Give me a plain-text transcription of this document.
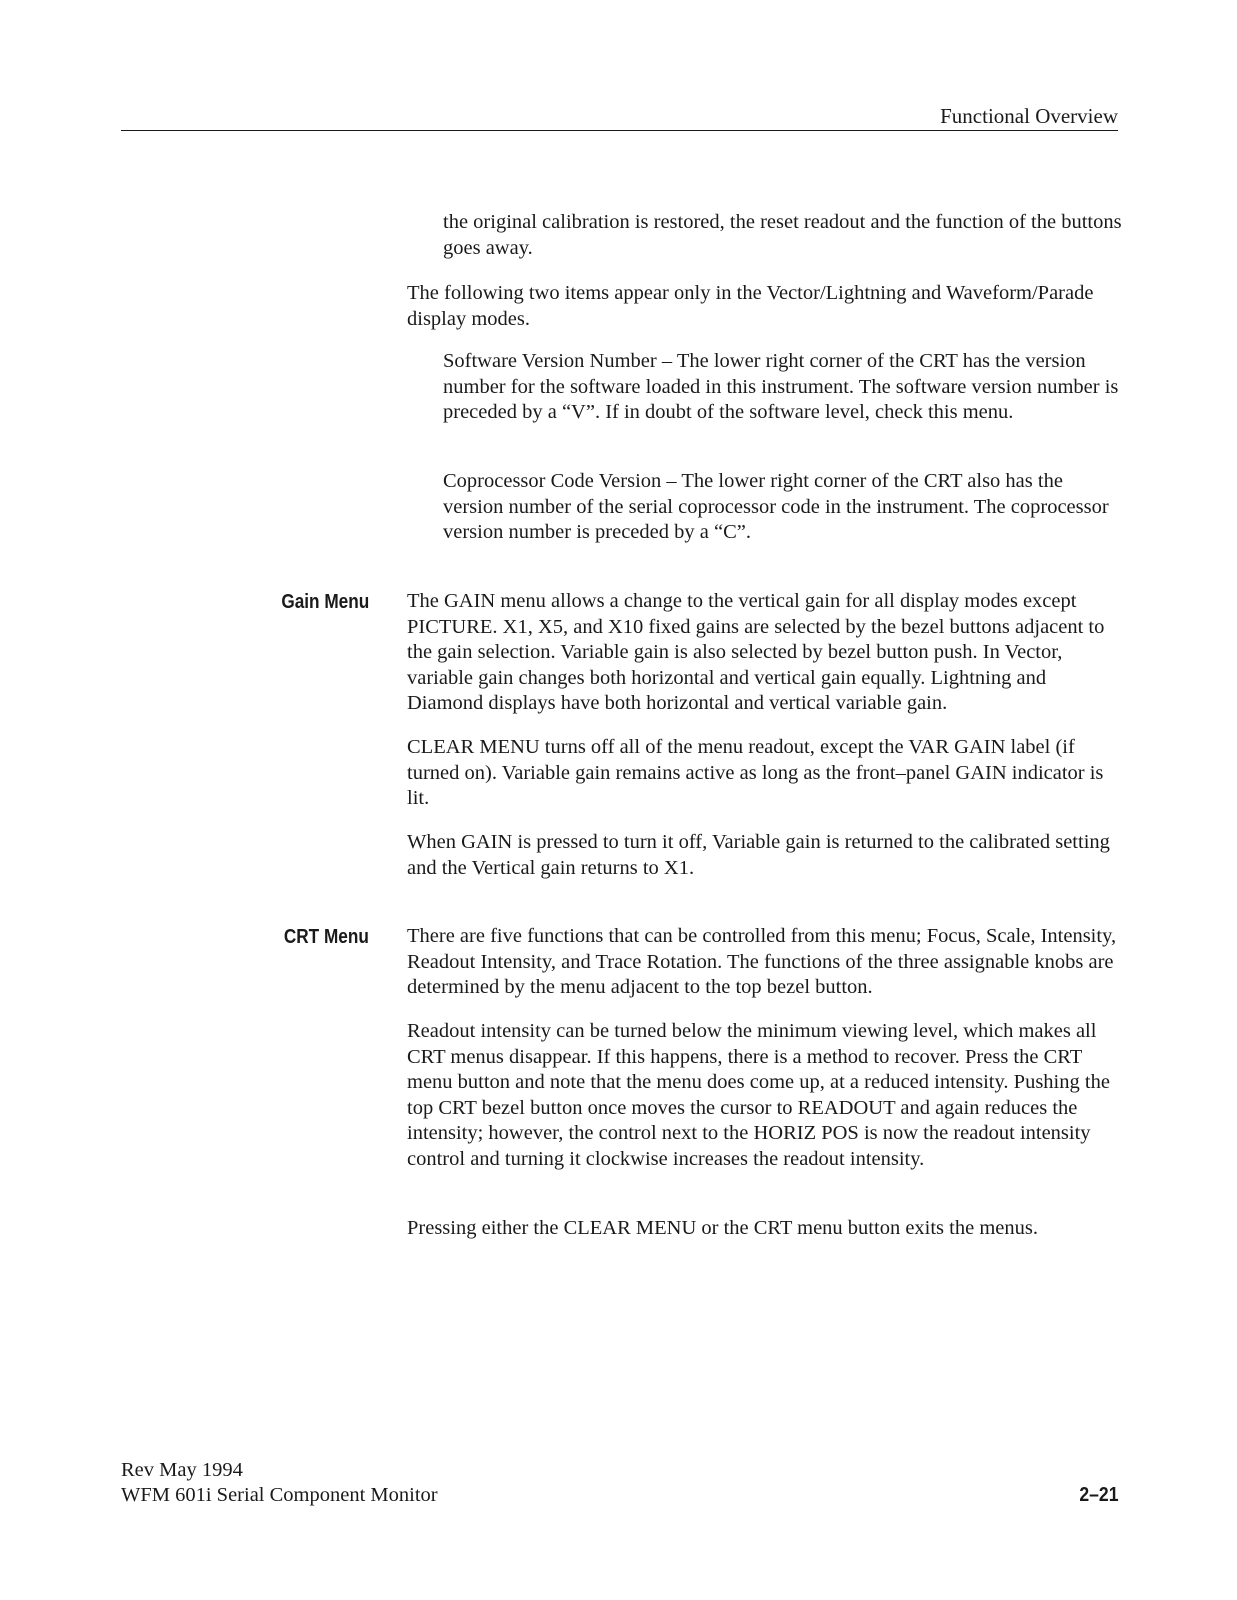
Functional Overview

the original calibration is restored, the reset readout and the function of the buttons goes away.

The following two items appear only in the Vector/Lightning and Waveform/Parade display modes.

Software Version Number – The lower right corner of the CRT has the version number for the software loaded in this instrument. The software version number is preceded by a “V”. If in doubt of the software level, check this menu.

Coprocessor Code Version – The lower right corner of the CRT also has the version number of the serial coprocessor code in the instrument. The coprocessor version number is preceded by a “C”.

Gain Menu The GAIN menu allows a change to the vertical gain for all display modes except PICTURE. X1, X5, and X10 fixed gains are selected by the bezel buttons adjacent to the gain selection. Variable gain is also selected by bezel button push. In Vector, variable gain changes both horizontal and vertical gain equally. Lightning and Diamond displays have both horizontal and vertical variable gain.

CLEAR MENU turns off all of the menu readout, except the VAR GAIN label (if turned on). Variable gain remains active as long as the front–panel GAIN indicator is lit.

When GAIN is pressed to turn it off, Variable gain is returned to the calibrated setting and the Vertical gain returns to X1.

CRT Menu There are five functions that can be controlled from this menu; Focus, Scale, Intensity, Readout Intensity, and Trace Rotation. The functions of the three assignable knobs are determined by the menu adjacent to the top bezel button.

Readout intensity can be turned below the minimum viewing level, which makes all CRT menus disappear. If this happens, there is a method to recover. Press the CRT menu button and note that the menu does come up, at a reduced intensity. Pushing the top CRT bezel button once moves the cursor to READOUT and again reduces the intensity; however, the control next to the HORIZ POS is now the readout intensity control and turning it clockwise increases the readout intensity.

Pressing either the CLEAR MENU or the CRT menu button exits the menus.

Rev May 1994
WFM 601i Serial Component Monitor	2–21
